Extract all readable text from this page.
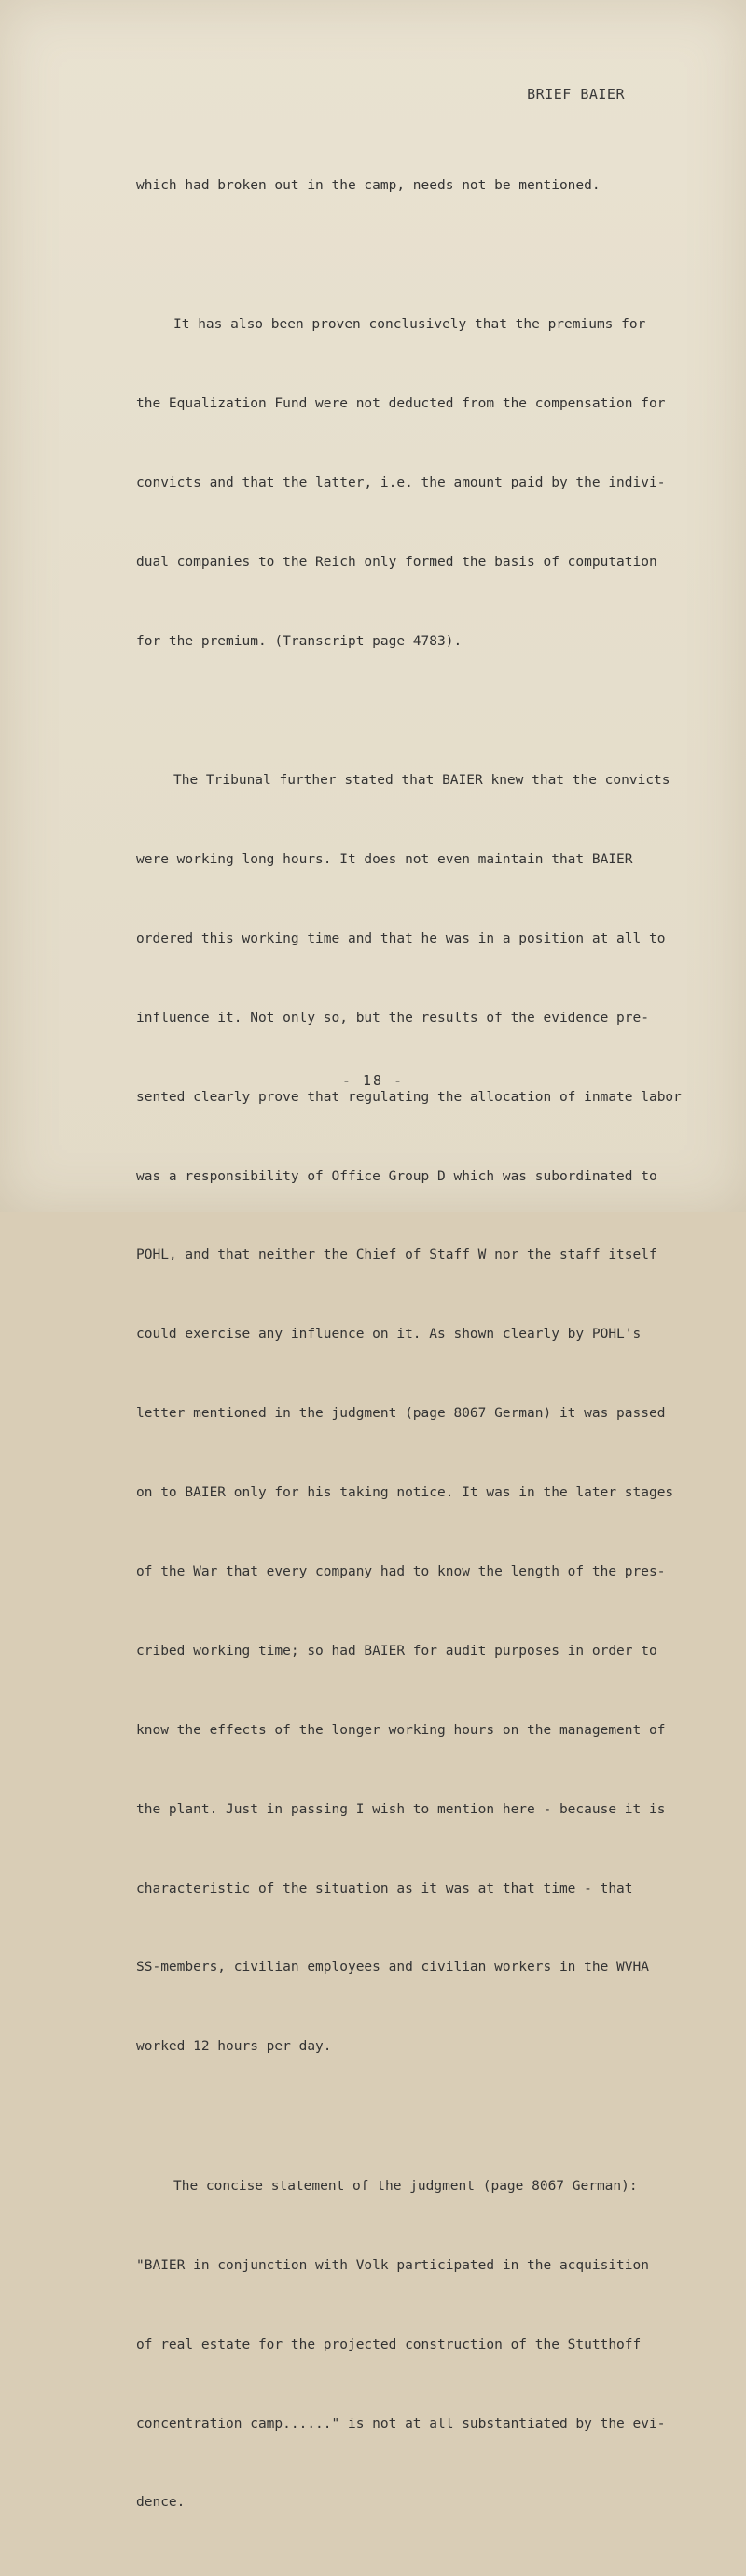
BRIEF BAIER

which had broken out in the camp, needs not be mentioned.

It has also been proven conclusively that the premiums for

the Equalization Fund were not deducted from the compensation for

convicts and that the latter, i.e. the amount paid by the indivi-

dual companies to the Reich only formed the basis of computation

for the premium. (Transcript page 4783).

The Tribunal further stated that BAIER knew that the convicts

were working long hours. It does not even maintain that BAIER

ordered this working time and that he was in a position at all to

influence it. Not only so, but the results of the evidence pre-

sented clearly prove that regulating the allocation of inmate labor

was a responsibility of Office Group D which was subordinated to

POHL, and that neither the Chief of Staff W nor the staff itself

could exercise any influence on it. As shown clearly by POHL's

letter mentioned in the judgment (page 8067 German) it was passed

on to BAIER only for his taking notice. It was in the later stages

of the War that every company had to know the length of the pres-

cribed working time; so had BAIER for audit purposes in order to

know the effects of the longer working hours on the management of

the plant. Just in passing I wish to mention here - because it is

characteristic of the situation as it was at that time - that

SS-members, civilian employees and civilian workers in the WVHA

worked 12 hours per day.

The concise statement of the judgment (page 8067 German):

"BAIER in conjunction with Volk participated in the acquisition

of real estate for the projected construction of the Stutthoff

concentration camp......" is not at all substantiated by the evi-

dence.

- 18 -
